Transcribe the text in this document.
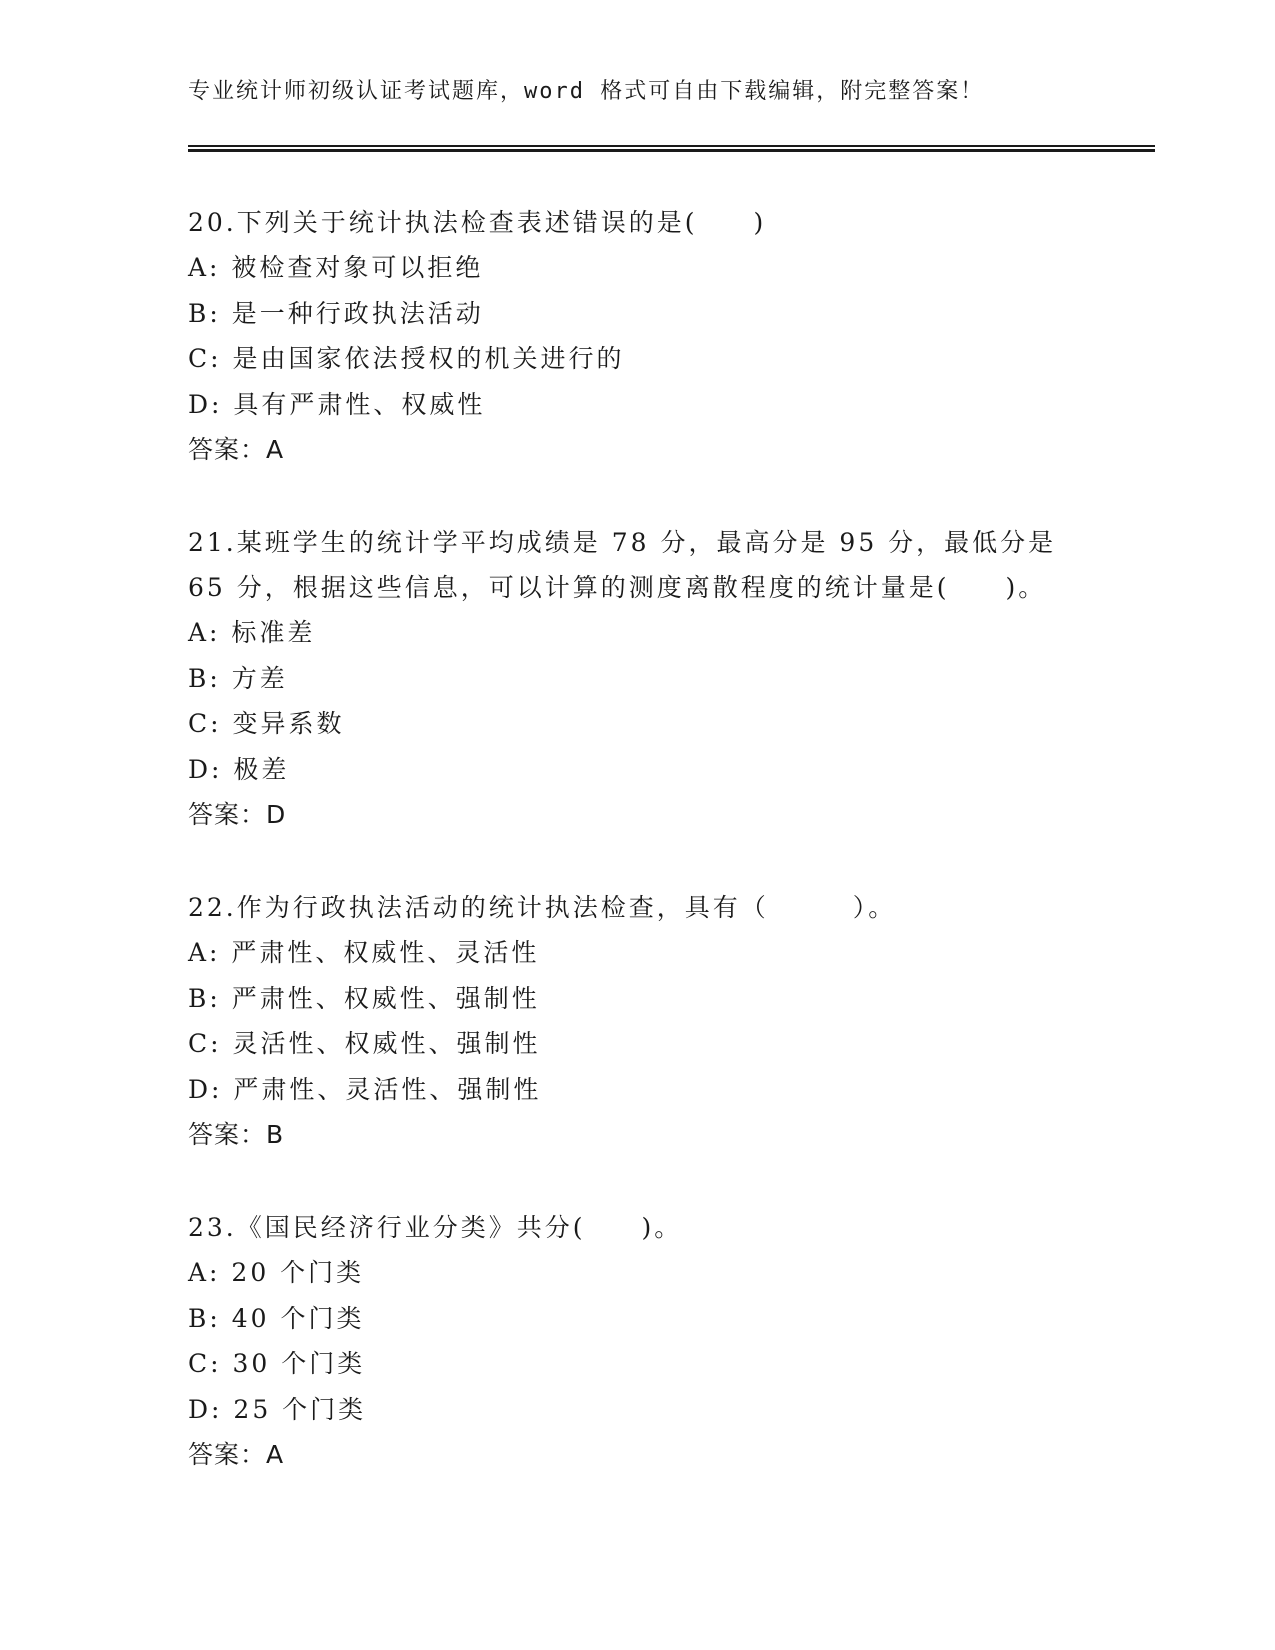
专业统计师初级认证考试题库，word 格式可自由下载编辑，附完整答案！
20.下列关于统计执法检查表述错误的是(　　)
A: 被检查对象可以拒绝
B: 是一种行政执法活动
C: 是由国家依法授权的机关进行的
D: 具有严肃性、权威性
答案：A
21.某班学生的统计学平均成绩是 78 分，最高分是 95 分，最低分是 65 分，根据这些信息，可以计算的测度离散程度的统计量是(　　)。
A: 标准差
B: 方差
C: 变异系数
D: 极差
答案：D
22.作为行政执法活动的统计执法检查，具有（　　　）。
A: 严肃性、权威性、灵活性
B: 严肃性、权威性、强制性
C: 灵活性、权威性、强制性
D: 严肃性、灵活性、强制性
答案：B
23.《国民经济行业分类》共分(　　)。
A: 20 个门类
B: 40 个门类
C: 30 个门类
D: 25 个门类
答案：A
